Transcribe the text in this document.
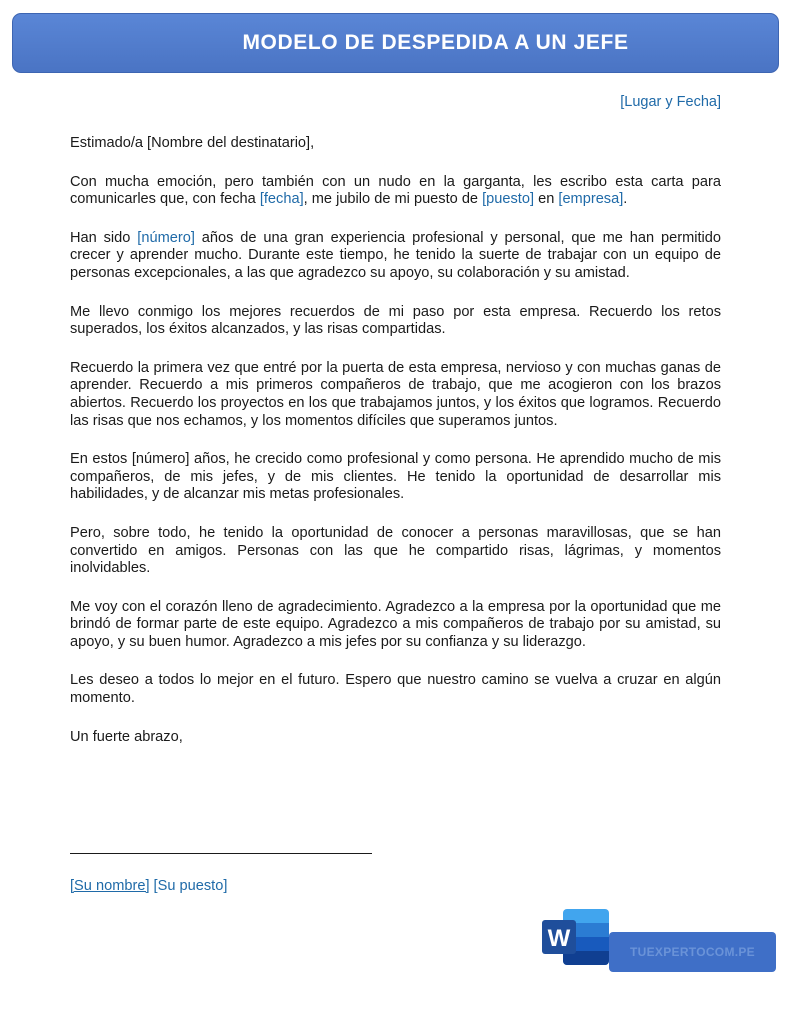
MODELO DE DESPEDIDA A UN JEFE
[Lugar y Fecha]

Estimado/a [Nombre del destinatario],

Con mucha emoción, pero también con un nudo en la garganta, les escribo esta carta para comunicarles que, con fecha [fecha], me jubilo de mi puesto de [puesto] en [empresa].

Han sido [número] años de una gran experiencia profesional y personal, que me han permitido crecer y aprender mucho. Durante este tiempo, he tenido la suerte de trabajar con un equipo de personas excepcionales, a las que agradezco su apoyo, su colaboración y su amistad.

Me llevo conmigo los mejores recuerdos de mi paso por esta empresa. Recuerdo los retos superados, los éxitos alcanzados, y las risas compartidas.

Recuerdo la primera vez que entré por la puerta de esta empresa, nervioso y con muchas ganas de aprender. Recuerdo a mis primeros compañeros de trabajo, que me acogieron con los brazos abiertos. Recuerdo los proyectos en los que trabajamos juntos, y los éxitos que logramos. Recuerdo las risas que nos echamos, y los momentos difíciles que superamos juntos.

En estos [número] años, he crecido como profesional y como persona. He aprendido mucho de mis compañeros, de mis jefes, y de mis clientes. He tenido la oportunidad de desarrollar mis habilidades, y de alcanzar mis metas profesionales.

Pero, sobre todo, he tenido la oportunidad de conocer a personas maravillosas, que se han convertido en amigos. Personas con las que he compartido risas, lágrimas, y momentos inolvidables.

Me voy con el corazón lleno de agradecimiento. Agradezco a la empresa por la oportunidad que me brindó de formar parte de este equipo. Agradezco a mis compañeros de trabajo por su amistad, su apoyo, y su buen humor. Agradezco a mis jefes por su confianza y su liderazgo.

Les deseo a todos lo mejor en el futuro. Espero que nuestro camino se vuelva a cruzar en algún momento.

Un fuerte abrazo,

[Su nombre] [Su puesto]
W	TUEXPERTOCOM.PE
